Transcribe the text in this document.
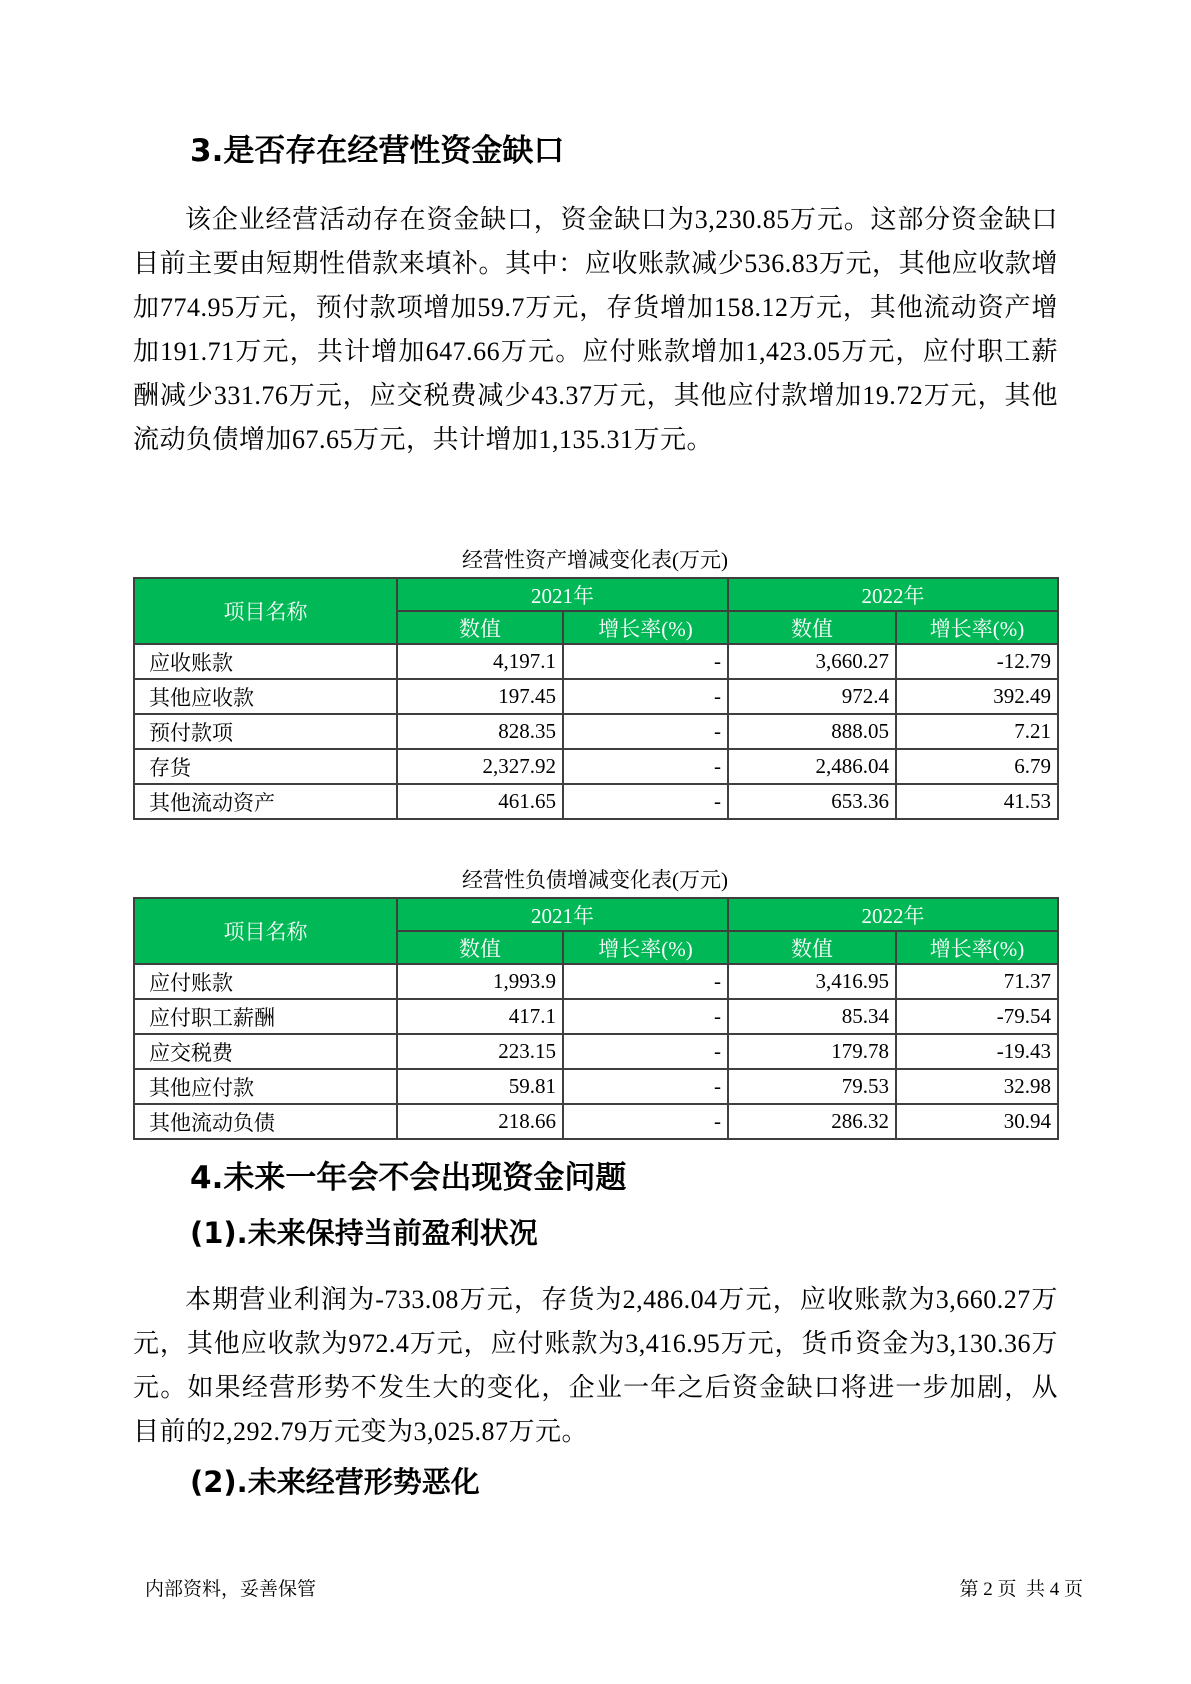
3.是否存在经营性资金缺口

该企业经营活动存在资金缺口，资金缺口为3,230.85万元。这部分资金缺口目前主要由短期性借款来填补。其中：应收账款减少536.83万元，其他应收款增加774.95万元，预付款项增加59.7万元，存货增加158.12万元，其他流动资产增加191.71万元，共计增加647.66万元。应付账款增加1,423.05万元，应付职工薪酬减少331.76万元，应交税费减少43.37万元，其他应付款增加19.72万元，其他流动负债增加67.65万元，共计增加1,135.31万元。

经营性资产增减变化表(万元)

项目名称	2021年		2022年	
	数值	增长率(%)	数值	增长率(%)
应收账款	4,197.1	-	3,660.27	-12.79
其他应收款	197.45	-	972.4	392.49
预付款项	828.35	-	888.05	7.21
存货	2,327.92	-	2,486.04	6.79
其他流动资产	461.65	-	653.36	41.53

经营性负债增减变化表(万元)

项目名称	2021年		2022年	
	数值	增长率(%)	数值	增长率(%)
应付账款	1,993.9	-	3,416.95	71.37
应付职工薪酬	417.1	-	85.34	-79.54
应交税费	223.15	-	179.78	-19.43
其他应付款	59.81	-	79.53	32.98
其他流动负债	218.66	-	286.32	30.94
4.未来一年会不会出现资金问题
(1).未来保持当前盈利状况

本期营业利润为-733.08万元，存货为2,486.04万元，应收账款为3,660.27万元，其他应收款为972.4万元，应付账款为3,416.95万元，货币资金为3,130.36万元。如果经营形势不发生大的变化，企业一年之后资金缺口将进一步加剧，从目前的2,292.79万元变为3,025.87万元。

(2).未来经营形势恶化
内部资料，妥善保管	第 2 页  共 4 页
